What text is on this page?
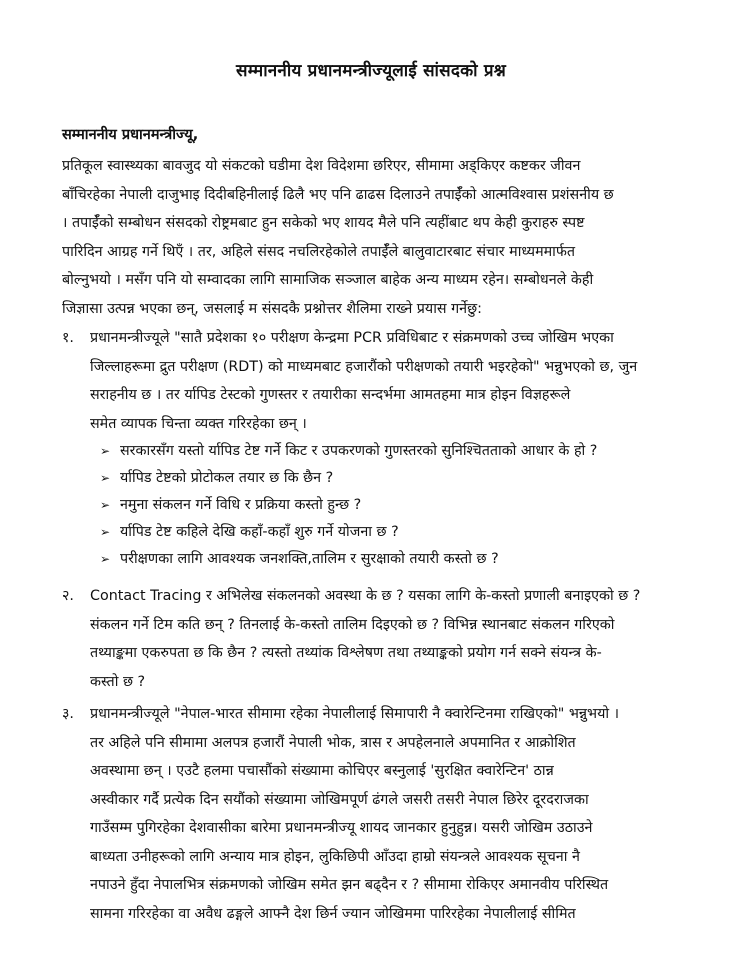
सम्माननीय प्रधानमन्त्रीज्यूलाई सांसदको प्रश्न
सम्माननीय प्रधानमन्त्रीज्यू,
प्रतिकूल स्वास्थ्यका बावजुद यो संकटको घडीमा देश विदेशमा छरिएर, सीमामा अड्किएर कष्टकर जीवन
बाँचिरहेका नेपाली दाजुभाइ दिदीबहिनीलाई ढिलै भए पनि ढाढस दिलाउने तपाईँको आत्मविश्वास प्रशंसनीय छ
। तपाईँको सम्बोधन संसदको रोष्ट्रमबाट हुन सकेको भए शायद मैले पनि त्यहींबाट थप केही कुराहरु स्पष्ट
पारिदिन आग्रह गर्ने थिएँ । तर, अहिले संसद नचलिरहेकोले तपाईँले बालुवाटारबाट संचार माध्यममार्फत
बोल्नुभयो । मसँग पनि यो सम्वादका लागि सामाजिक सञ्जाल बाहेक अन्य माध्यम रहेन। सम्बोधनले केही
जिज्ञासा उत्पन्न भएका छन्, जसलाई म संसदकै प्रश्नोत्तर शैलिमा राख्ने प्रयास गर्नेछु:
१.	प्रधानमन्त्रीज्यूले "सातै प्रदेशका १० परीक्षण केन्द्रमा PCR प्रविधिबाट र संक्रमणको उच्च जोखिम भएका
जिल्लाहरूमा द्रुत परीक्षण (RDT) को माध्यमबाट हजारौंको परीक्षणको तयारी भइरहेको" भन्नुभएको छ, जुन
सराहनीय छ । तर र्यापिड टेस्टको गुणस्तर र तयारीका सन्दर्भमा आमतहमा मात्र होइन विज्ञहरूले
समेत व्यापक चिन्ता व्यक्त गरिरहेका छन् ।
➢ सरकारसँग यस्तो र्यापिड टेष्ट गर्ने किट र उपकरणको गुणस्तरको सुनिश्चितताको आधार के हो ?
➢ र्यापिड टेष्टको प्रोटोकल तयार छ कि छैन ?
➢ नमुना संकलन गर्ने विधि र प्रक्रिया कस्तो हुन्छ ?
➢ र्यापिड टेष्ट कहिले देखि कहाँ-कहाँ शुरु गर्ने योजना छ ?
➢ परीक्षणका लागि आवश्यक जनशक्ति,तालिम र सुरक्षाको तयारी कस्तो छ ?
२.	Contact Tracing र अभिलेख संकलनको अवस्था के छ ? यसका लागि के-कस्तो प्रणाली बनाइएको छ ?
संकलन गर्ने टिम कति छन् ? तिनलाई के-कस्तो तालिम दिइएको छ ? विभिन्न स्थानबाट संकलन गरिएको
तथ्याङ्कमा एकरुपता छ कि छैन ? त्यस्तो तथ्यांक विश्लेषण तथा तथ्याङ्कको प्रयोग गर्न सक्ने संयन्त्र के-
कस्तो छ ?
३.	प्रधानमन्त्रीज्यूले "नेपाल-भारत सीमामा रहेका नेपालीलाई सिमापारी नै क्वारेन्टिनमा राखिएको" भन्नुभयो ।
तर अहिले पनि सीमामा अलपत्र हजारौं नेपाली भोक, त्रास र अपहेलनाले अपमानित र आक्रोशित
अवस्थामा छन् । एउटै हलमा पचासौंको संख्यामा कोचिएर बस्नुलाई 'सुरक्षित क्वारेन्टिन' ठान्न
अस्वीकार गर्दै प्रत्येक दिन सयौंको संख्यामा जोखिमपूर्ण ढंगले जसरी तसरी नेपाल छिरेर दूरदराजका
गाउँसम्म पुगिरहेका देशवासीका बारेमा प्रधानमन्त्रीज्यू शायद जानकार हुनुहुन्न। यसरी जोखिम उठाउने
बाध्यता उनीहरूको लागि अन्याय मात्र होइन, लुकिछिपी आँउदा हाम्रो संयन्त्रले आवश्यक सूचना नै
नपाउने हुँदा नेपालभित्र संक्रमणको जोखिम समेत झन बढ्दैन र ? सीमामा रोकिएर अमानवीय परिस्थित
सामना गरिरहेका वा अवैध ढङ्गले आफ्नै देश छिर्न ज्यान जोखिममा पारिरहेका नेपालीलाई सीमित
